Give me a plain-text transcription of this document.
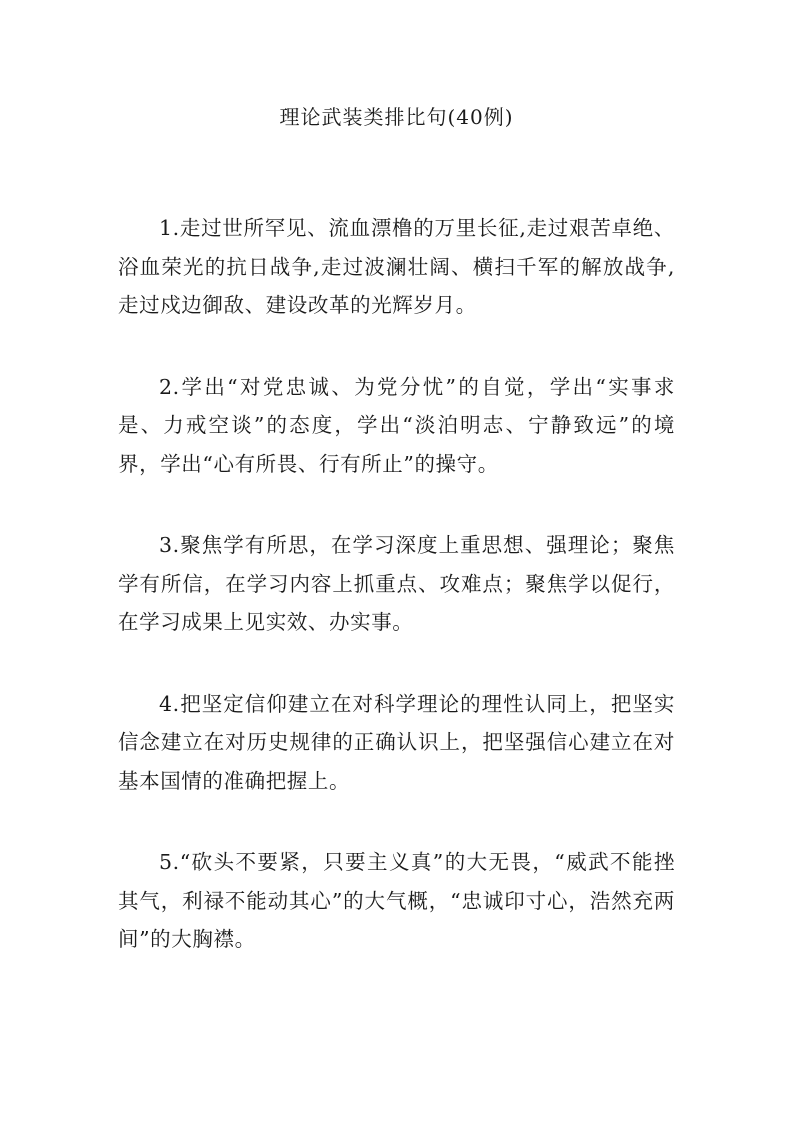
理论武装类排比句(40例)

1.走过世所罕见、流血漂橹的万里长征,走过艰苦卓绝、浴血荣光的抗日战争,走过波澜壮阔、横扫千军的解放战争,走过戍边御敌、建设改革的光辉岁月。

2.学出“对党忠诚、为党分忧”的自觉，学出“实事求是、力戒空谈”的态度，学出“淡泊明志、宁静致远”的境界，学出“心有所畏、行有所止”的操守。

3.聚焦学有所思，在学习深度上重思想、强理论；聚焦学有所信，在学习内容上抓重点、攻难点；聚焦学以促行，在学习成果上见实效、办实事。

4.把坚定信仰建立在对科学理论的理性认同上，把坚实信念建立在对历史规律的正确认识上，把坚强信心建立在对基本国情的准确把握上。

5.“砍头不要紧，只要主义真”的大无畏，“威武不能挫其气，利禄不能动其心”的大气概，“忠诚印寸心，浩然充两间”的大胸襟。
